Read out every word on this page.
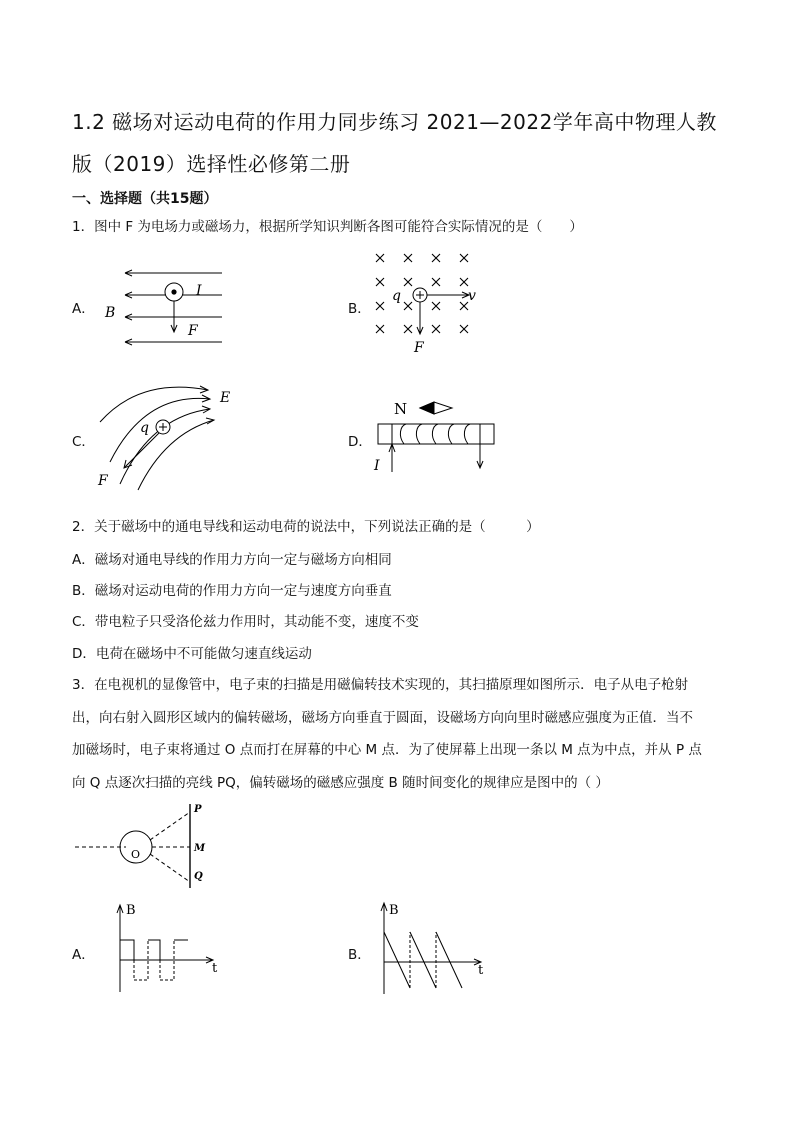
1.2 磁场对运动电荷的作用力同步练习 2021—2022学年高中物理人教
版（2019）选择性必修第二册
一、选择题（共15题）
1．图中 F 为电场力或磁场力，根据所学知识判断各图可能符合实际情况的是（　　）
A．
I
B
F
B．
q	v
F
C．
q
E
F
D．
N
I
2．关于磁场中的通电导线和运动电荷的说法中，下列说法正确的是（　　　）
A．磁场对通电导线的作用力方向一定与磁场方向相同
B．磁场对运动电荷的作用力方向一定与速度方向垂直
C．带电粒子只受洛伦兹力作用时，其动能不变，速度不变
D．电荷在磁场中不可能做匀速直线运动
3．在电视机的显像管中，电子束的扫描是用磁偏转技术实现的，其扫描原理如图所示．电子从电子枪射
出，向右射入圆形区域内的偏转磁场，磁场方向垂直于圆面，设磁场方向向里时磁感应强度为正值．当不
加磁场时，电子束将通过 O 点而打在屏幕的中心 M 点．为了使屏幕上出现一条以 M 点为中点，并从 P 点
向 Q 点逐次扫描的亮线 PQ，偏转磁场的磁感应强度 B 随时间变化的规律应是图中的（ ）
O
P
M
Q
A．
B
t
B．
B
t
